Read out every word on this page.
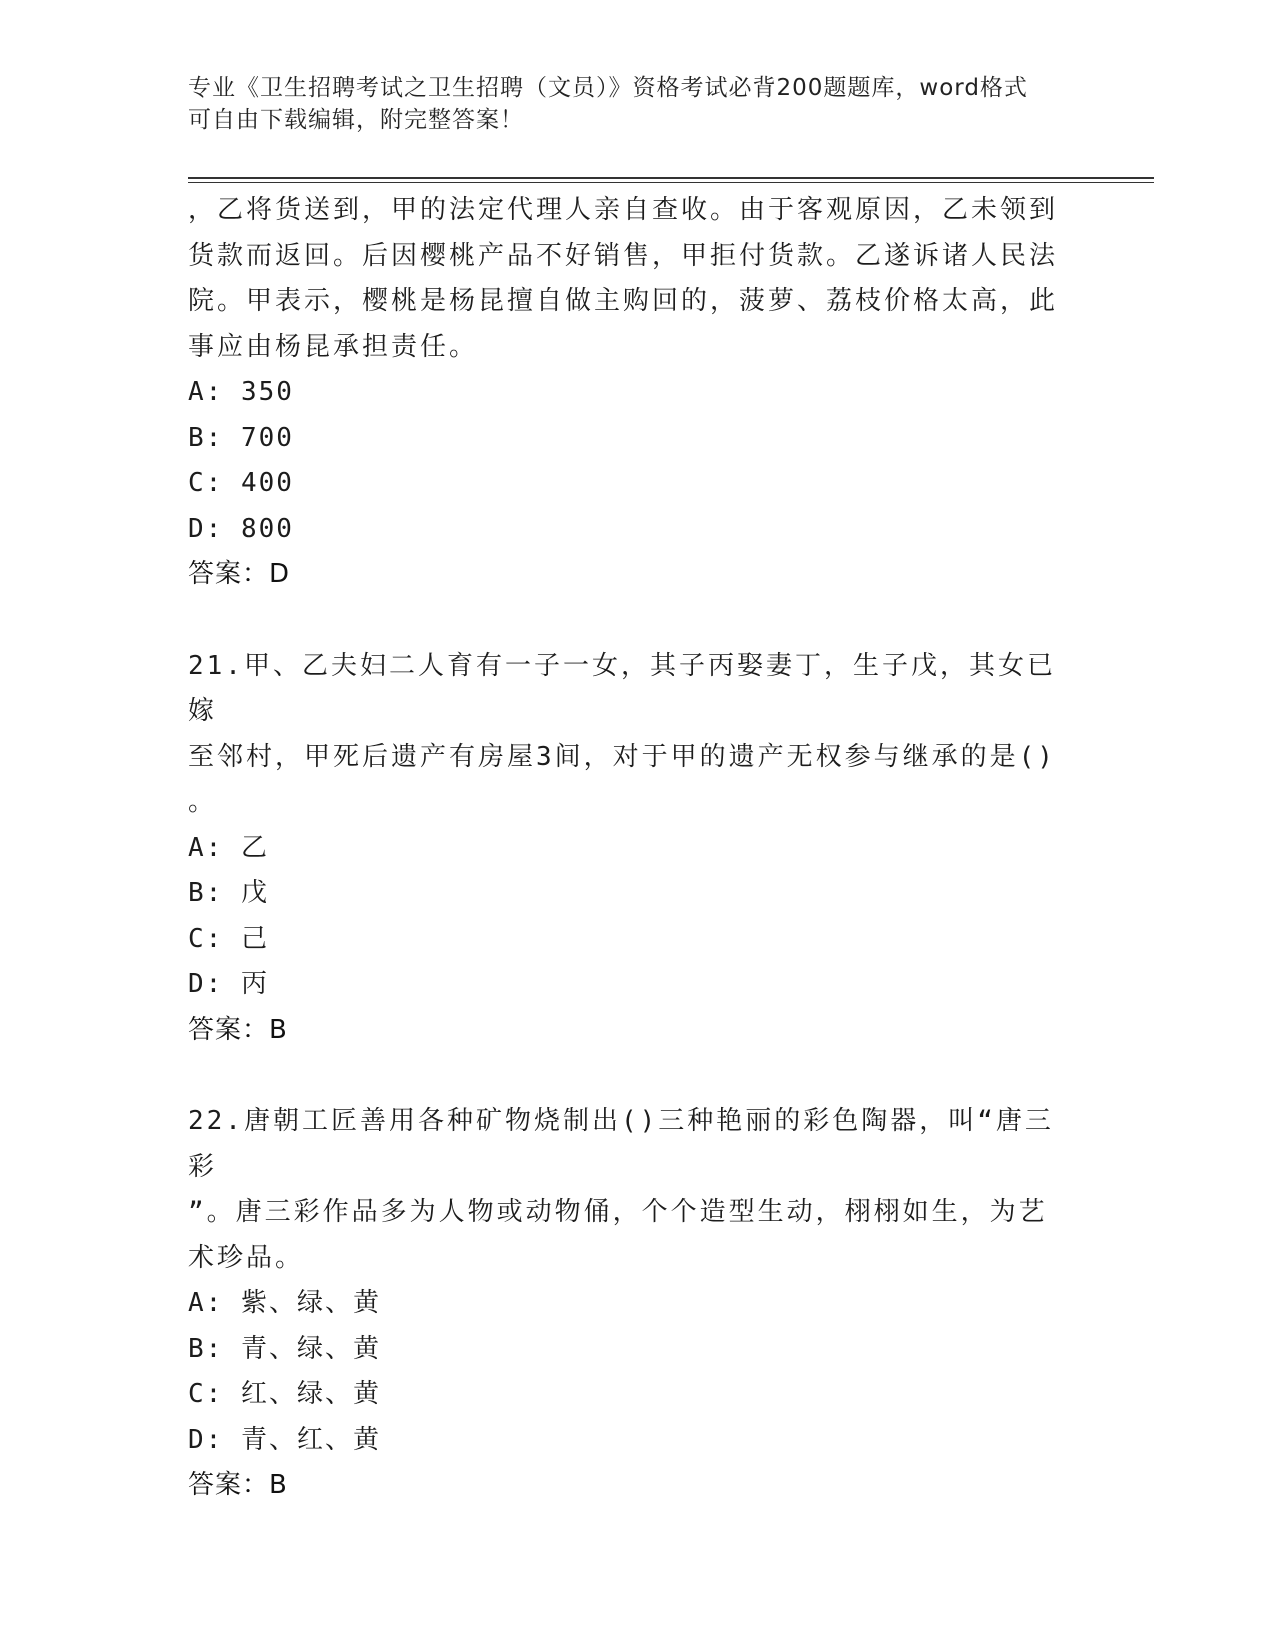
专业《卫生招聘考试之卫生招聘（文员）》资格考试必背200题题库，word格式
可自由下载编辑，附完整答案！

，乙将货送到，甲的法定代理人亲自查收。由于客观原因，乙未领到

货款而返回。后因樱桃产品不好销售，甲拒付货款。乙遂诉诸人民法

院。甲表示，樱桃是杨昆擅自做主购回的，菠萝、荔枝价格太高，此

事应由杨昆承担责任。

A: 350

B: 700

C: 400

D: 800

答案：D

21.甲、乙夫妇二人育有一子一女，其子丙娶妻丁，生子戊，其女已嫁

至邻村，甲死后遗产有房屋3间，对于甲的遗产无权参与继承的是()

。

A: 乙

B: 戊

C: 己

D: 丙

答案：B

22.唐朝工匠善用各种矿物烧制出()三种艳丽的彩色陶器，叫“唐三彩

”。唐三彩作品多为人物或动物俑，个个造型生动，栩栩如生，为艺

术珍品。

A: 紫、绿、黄

B: 青、绿、黄

C: 红、绿、黄

D: 青、红、黄

答案：B
